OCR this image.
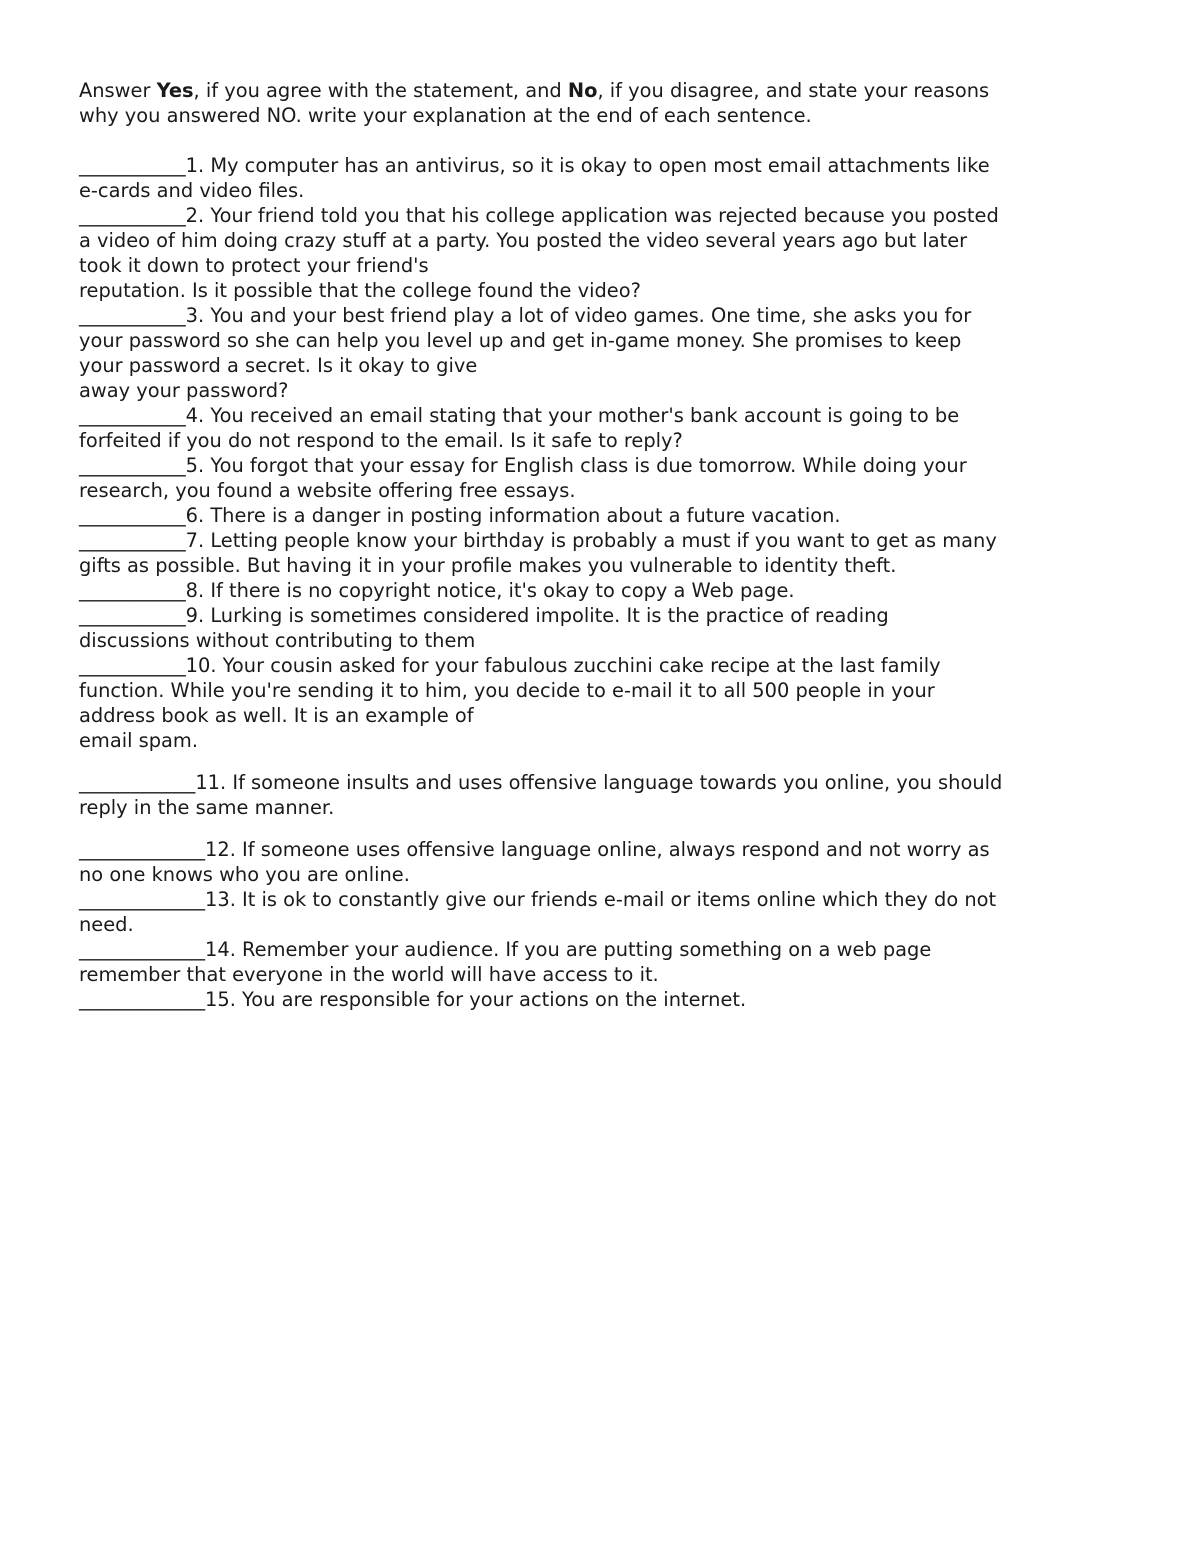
Answer Yes, if you agree with the statement, and No, if you disagree, and state your reasons
why you answered NO. write your explanation at the end of each sentence.

___________1. My computer has an antivirus, so it is okay to open most email attachments like
e-cards and video files.

___________2. Your friend told you that his college application was rejected because you posted
a video of him doing crazy stuff at a party. You posted the video several years ago but later
took it down to protect your friend's
reputation. Is it possible that the college found the video?

___________3. You and your best friend play a lot of video games. One time, she asks you for
your password so she can help you level up and get in-game money. She promises to keep
your password a secret. Is it okay to give
away your password?

___________4. You received an email stating that your mother's bank account is going to be
forfeited if you do not respond to the email. Is it safe to reply?

___________5. You forgot that your essay for English class is due tomorrow. While doing your
research, you found a website offering free essays.

___________6. There is a danger in posting information about a future vacation.

___________7. Letting people know your birthday is probably a must if you want to get as many
gifts as possible. But having it in your profile makes you vulnerable to identity theft.

___________8. If there is no copyright notice, it's okay to copy a Web page.

___________9. Lurking is sometimes considered impolite. It is the practice of reading
discussions without contributing to them

___________10. Your cousin asked for your fabulous zucchini cake recipe at the last family
function. While you're sending it to him, you decide to e-mail it to all 500 people in your
address book as well. It is an example of
email spam.

____________11. If someone insults and uses offensive language towards you online, you should
reply in the same manner.

_____________12. If someone uses offensive language online, always respond and not worry as
no one knows who you are online.

_____________13. It is ok to constantly give our friends e-mail or items online which they do not
need.

_____________14. Remember your audience. If you are putting something on a web page
remember that everyone in the world will have access to it.

_____________15. You are responsible for your actions on the internet.
